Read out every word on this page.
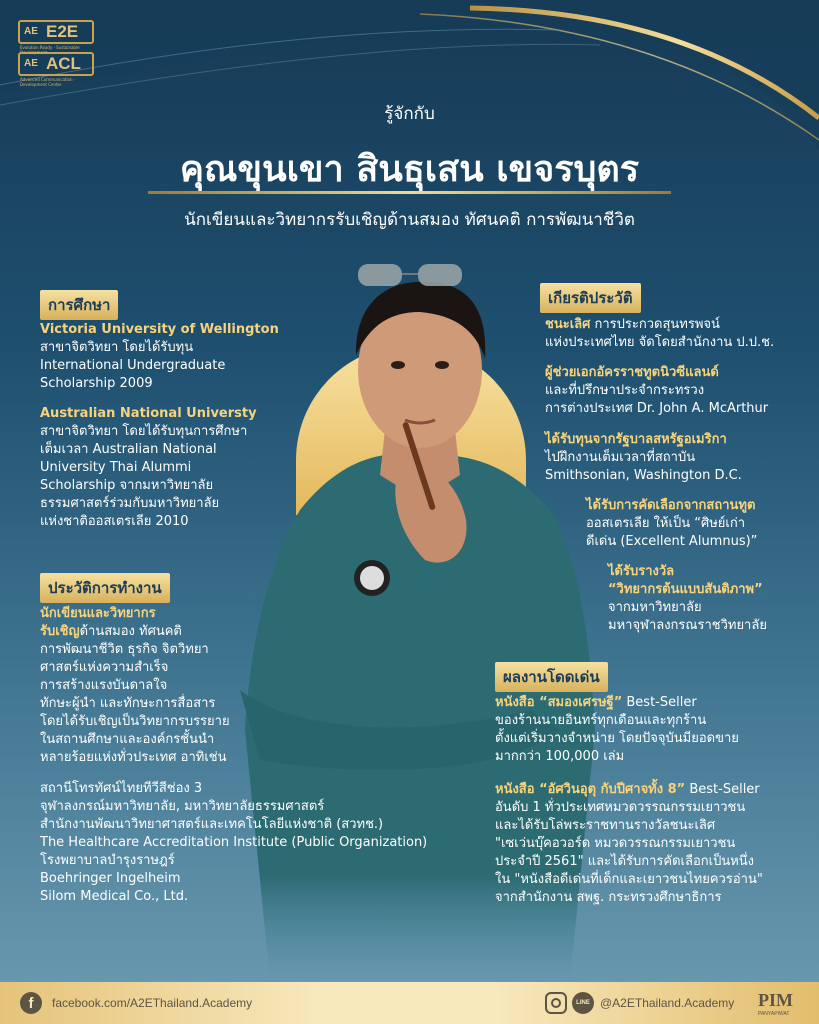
AE E2E
Evolution Ready · Sustainable Development
AE ACL
Advanced Communication · Development Center
รู้จักกับ
คุณขุนเขา สินธุเสน เขจรบุตร
นักเขียนและวิทยากรรับเชิญด้านสมอง ทัศนคติ การพัฒนาชีวิต
การศึกษา
Victoria University of Wellington
สาขาจิตวิทยา โดยได้รับทุน
International Undergraduate
Scholarship 2009
Australian National Universty
สาขาจิตวิทยา โดยได้รับทุนการศึกษา
เต็มเวลา Australian National
University Thai Alummi
Scholarship จากมหาวิทยาลัย
ธรรมศาสตร์ร่วมกับมหาวิทยาลัย
แห่งชาติออสเตรเลีย 2010
ประวัติการทำงาน
นักเขียนและวิทยากร
รับเชิญด้านสมอง ทัศนคติ
การพัฒนาชีวิต ธุรกิจ จิตวิทยา
ศาสตร์แห่งความสำเร็จ
การสร้างแรงบันดาลใจ
ทักษะผู้นำ และทักษะการสื่อสาร
โดยได้รับเชิญเป็นวิทยากรบรรยาย
ในสถานศึกษาและองค์กรชั้นนำ
หลายร้อยแห่งทั่วประเทศ อาทิเช่น
สถานีโทรทัศน์ไทยทีวีสีช่อง 3
จุฬาลงกรณ์มหาวิทยาลัย, มหาวิทยาลัยธรรมศาสตร์
สำนักงานพัฒนาวิทยาศาสตร์และเทคโนโลยีแห่งชาติ (สวทช.)
The Healthcare Accreditation Institute (Public Organization)
โรงพยาบาลบำรุงราษฎร์
Boehringer Ingelheim
Silom Medical Co., Ltd.
เกียรติประวัติ
ชนะเลิศ การประกวดสุนทรพจน์
แห่งประเทศไทย จัดโดยสำนักงาน ป.ป.ช.
ผู้ช่วยเอกอัครราชทูตนิวซีแลนด์
และที่ปรึกษาประจำกระทรวง
การต่างประเทศ Dr. John A. McArthur
ได้รับทุนจากรัฐบาลสหรัฐอเมริกา
ไปฝึกงานเต็มเวลาที่สถาบัน
Smithsonian, Washington D.C.
ได้รับการคัดเลือกจากสถานทูต
ออสเตรเลีย ให้เป็น “ศิษย์เก่า
ดีเด่น (Excellent Alumnus)”
ได้รับรางวัล
“วิทยากรต้นแบบสันติภาพ”
จากมหาวิทยาลัย
มหาจุฬาลงกรณราชวิทยาลัย
ผลงานโดดเด่น
หนังสือ “สมองเศรษฐี” Best-Seller
ของร้านนายอินทร์ทุกเดือนและทุกร้าน
ตั้งแต่เริ่มวางจำหน่าย โดยปัจจุบันมียอดขาย
มากกว่า 100,000 เล่ม
หนังสือ “อัศวินอุตุ กับปีศาจทั้ง 8” Best-Seller
อันดับ 1 ทั่วประเทศหมวดวรรณกรรมเยาวชน
และได้รับโล่พระราชทานรางวัลชนะเลิศ
"เซเว่นบุ๊คอวอร์ด หมวดวรรณกรรมเยาวชน
ประจำปี 2561" และได้รับการคัดเลือกเป็นหนึ่ง
ใน "หนังสือดีเด่นที่เด็กและเยาวชนไทยควรอ่าน"
จากสำนักงาน สพฐ. กระทรวงศึกษาธิการ
f	facebook.com/A2EThailand.Academy	LINE @A2EThailand.Academy PIM
PANYAPIWAT
